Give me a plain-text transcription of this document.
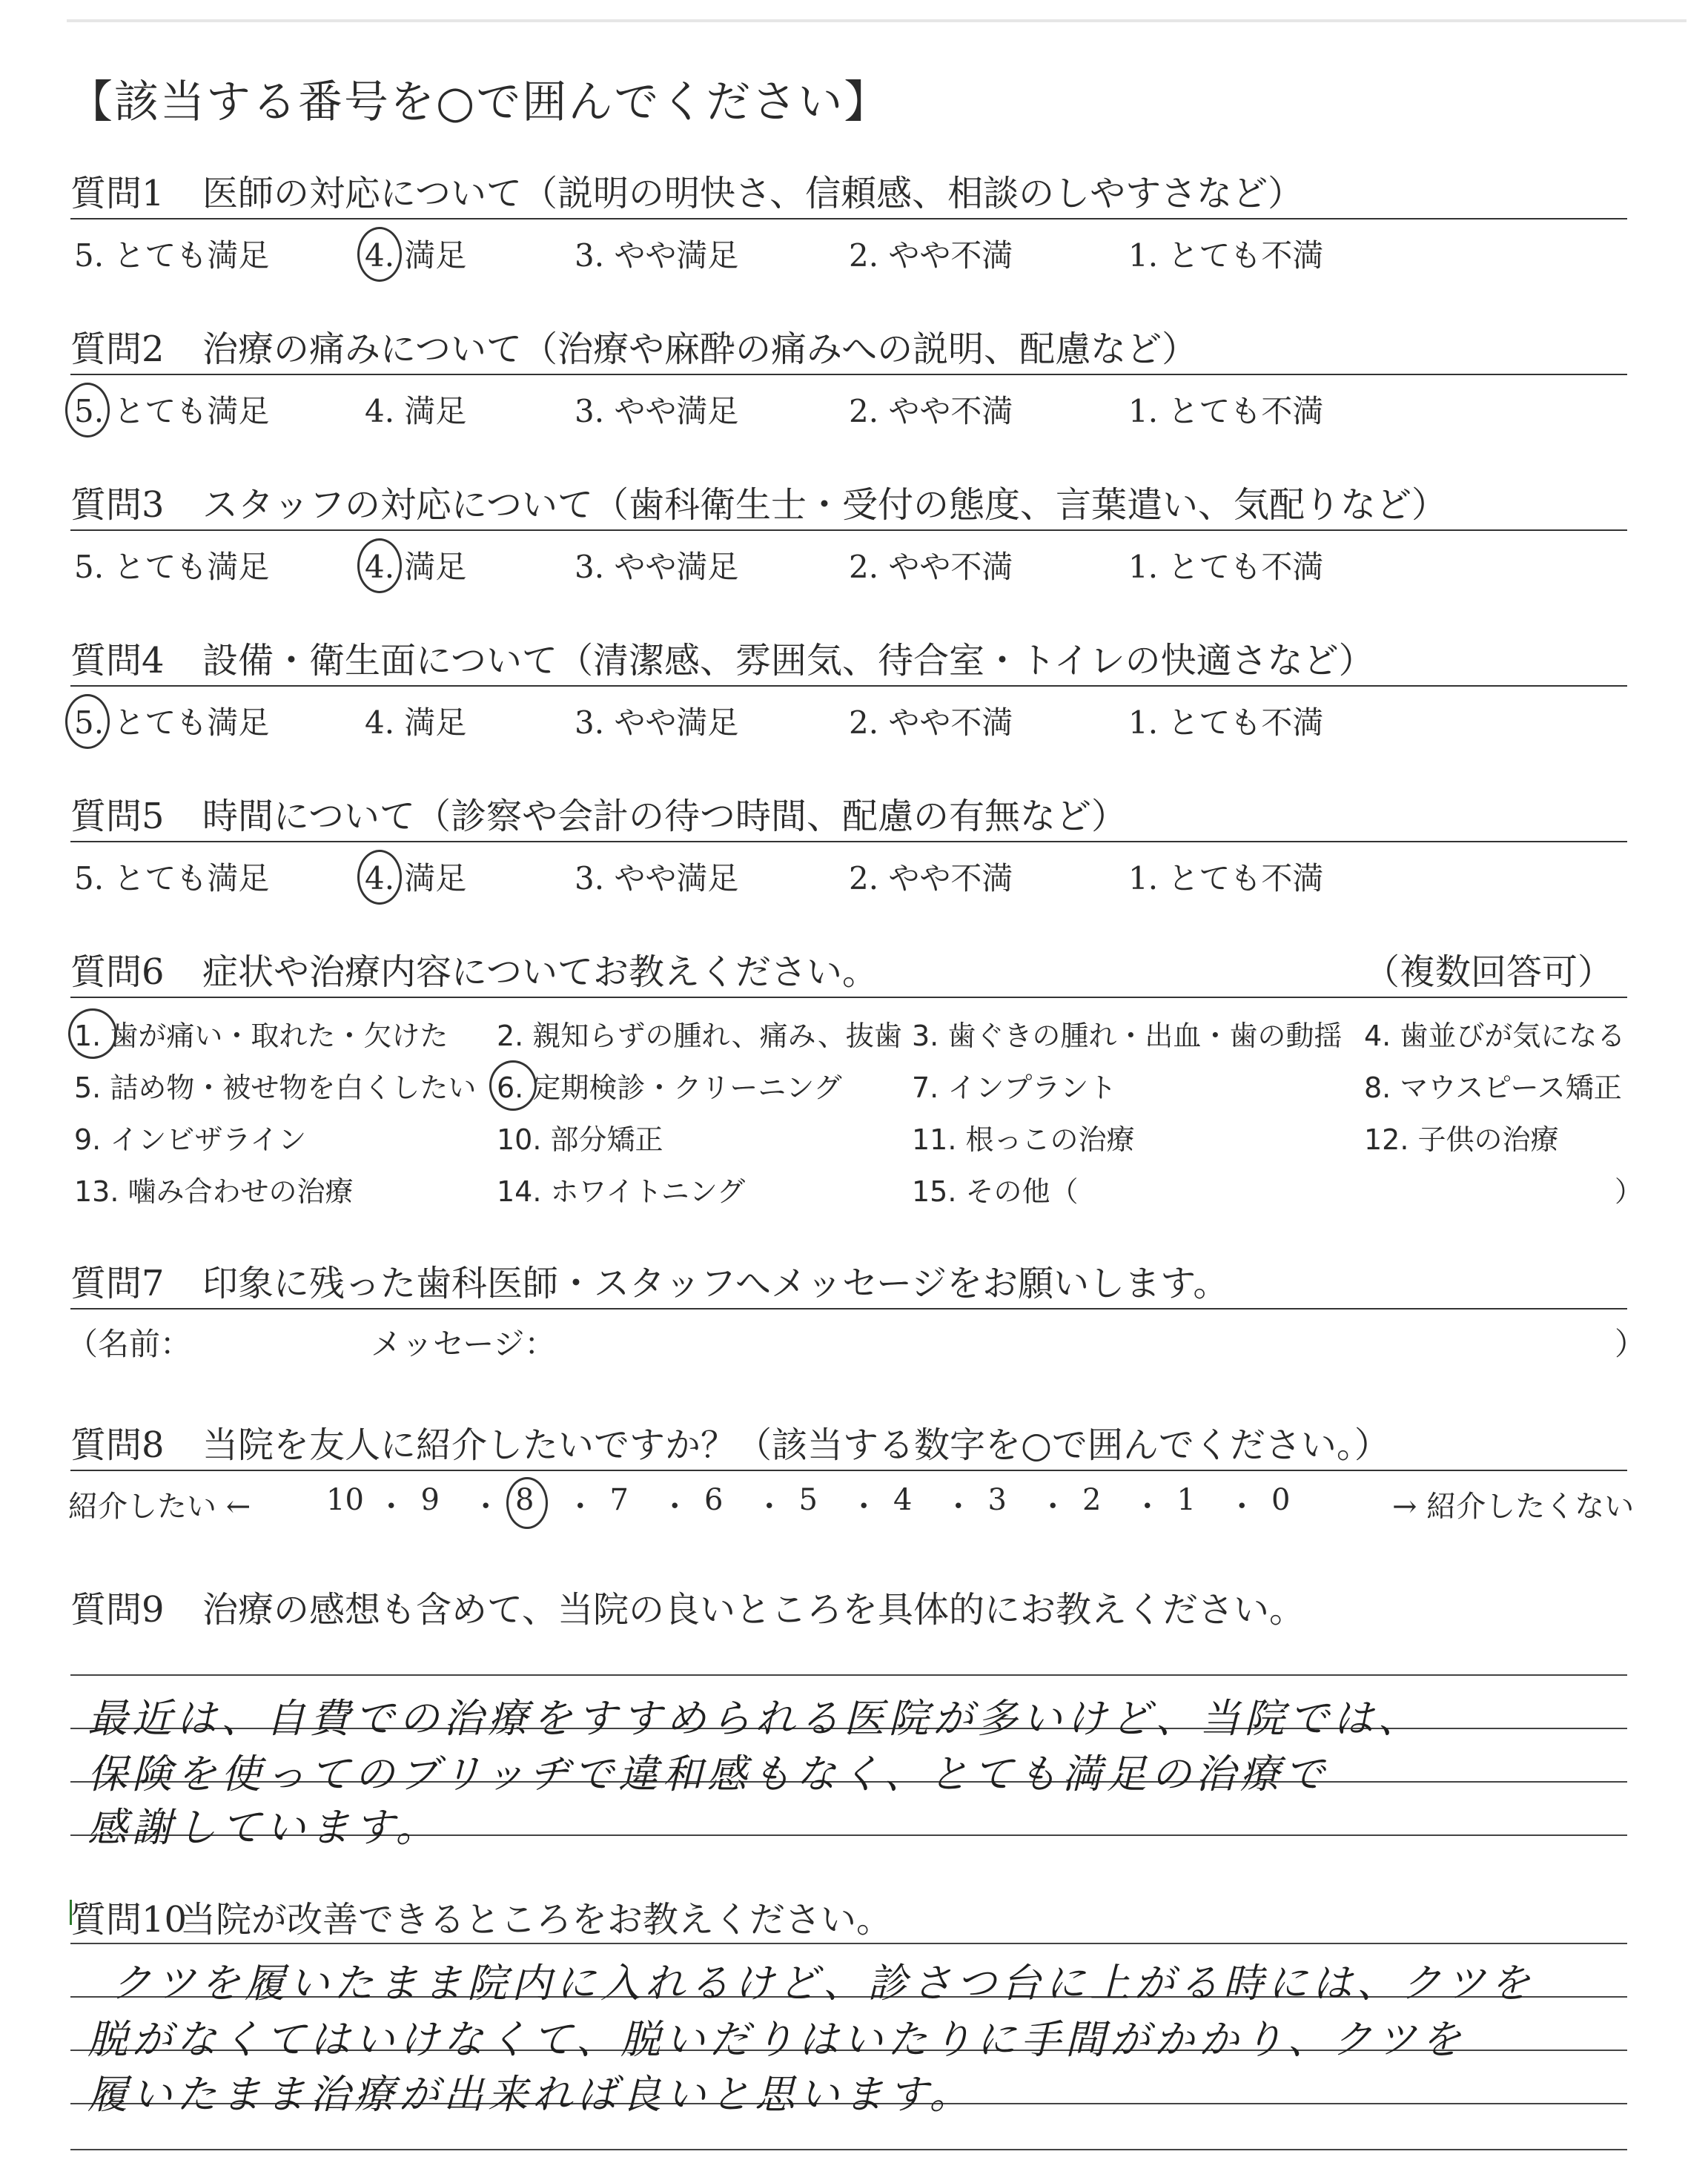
【該当する番号を○で囲んでください】
質問1 医師の対応について（説明の明快さ、信頼感、相談のしやすさなど）
5. とても満足	4. 満足	3. やや満足	2. やや不満	1. とても不満
質問2 治療の痛みについて（治療や麻酔の痛みへの説明、配慮など）
5. とても満足	4. 満足	3. やや満足	2. やや不満	1. とても不満
質問3 スタッフの対応について（歯科衛生士・受付の態度、言葉遣い、気配りなど）
5. とても満足	4. 満足	3. やや満足	2. やや不満	1. とても不満
質問4 設備・衛生面について（清潔感、雰囲気、待合室・トイレの快適さなど）
5. とても満足	4. 満足	3. やや満足	2. やや不満	1. とても不満
質問5 時間について（診察や会計の待つ時間、配慮の有無など）
5. とても満足	4. 満足	3. やや満足	2. やや不満	1. とても不満
質問6 症状や治療内容についてお教えください。	（複数回答可）
1. 歯が痛い・取れた・欠けた 2. 親知らずの腫れ、痛み、抜歯 3. 歯ぐきの腫れ・出血・歯の動揺 4. 歯並びが気になる
5. 詰め物・被せ物を白くしたい 6. 定期検診・クリーニング 7. インプラント	8. マウスピース矯正
9. インビザライン	10. 部分矯正	11. 根っこの治療	12. 子供の治療
13. 噛み合わせの治療	14. ホワイトニング	15. その他（	）
質問7 印象に残った歯科医師・スタッフへメッセージをお願いします。
（名前：	メッセージ：	）
質問8 当院を友人に紹介したいですか？（該当する数字を○で囲んでください。）
紹介したい ←	→ 紹介したくない
10 ・ 9 ・ 8 ・ 7 ・ 6 ・ 5 ・ 4 ・ 3 ・ 2 ・ 1 ・ 0
質問9 治療の感想も含めて、当院の良いところを具体的にお教えください。
最近は、自費での治療をすすめられる医院が多いけど、当院では、
保険を使ってのブリッヂで違和感もなく、とても満足の治療で
感謝しています。
質問10当院が改善できるところをお教えください。
クツを履いたまま院内に入れるけど、診さつ台に上がる時には、クツを
脱がなくてはいけなくて、脱いだりはいたりに手間がかかり、クツを
履いたまま治療が出来れば良いと思います。
